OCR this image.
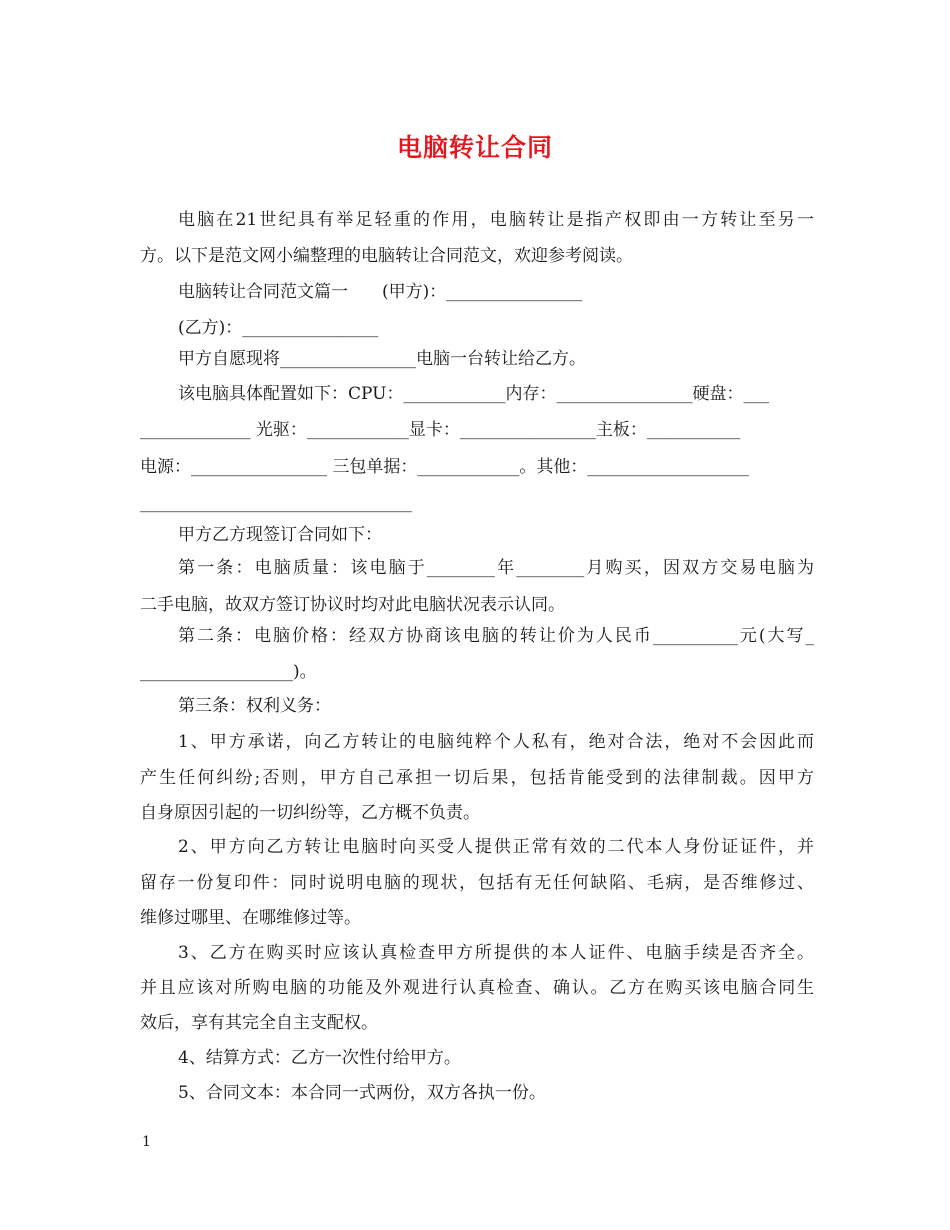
电脑转让合同
电脑在21世纪具有举足轻重的作用，电脑转让是指产权即由一方转让至另一
方。以下是范文网小编整理的电脑转让合同范文，欢迎参考阅读。
电脑转让合同范文篇一　　(甲方)：________________
(乙方)：________________
甲方自愿现将________________电脑一台转让给乙方。
该电脑具体配置如下：CPU：____________内存：________________硬盘：___
_____________ 光驱：____________显卡：________________主板：___________
电源：________________ 三包单据：____________。其他：___________________
________________________________
甲方乙方现签订合同如下：
第一条：电脑质量：该电脑于________年________月购买，因双方交易电脑为
二手电脑，故双方签订协议时均对此电脑状况表示认同。
第二条：电脑价格：经双方协商该电脑的转让价为人民币__________元(大写_
__________________)。
第三条：权利义务：
1、甲方承诺，向乙方转让的电脑纯粹个人私有，绝对合法，绝对不会因此而
产生任何纠纷;否则，甲方自己承担一切后果，包括肯能受到的法律制裁。因甲方
自身原因引起的一切纠纷等，乙方概不负责。
2、甲方向乙方转让电脑时向买受人提供正常有效的二代本人身份证证件，并
留存一份复印件：同时说明电脑的现状，包括有无任何缺陷、毛病，是否维修过、
维修过哪里、在哪维修过等。
3、乙方在购买时应该认真检查甲方所提供的本人证件、电脑手续是否齐全。
并且应该对所购电脑的功能及外观进行认真检查、确认。乙方在购买该电脑合同生
效后，享有其完全自主支配权。
4、结算方式：乙方一次性付给甲方。
5、合同文本：本合同一式两份，双方各执一份。
1
